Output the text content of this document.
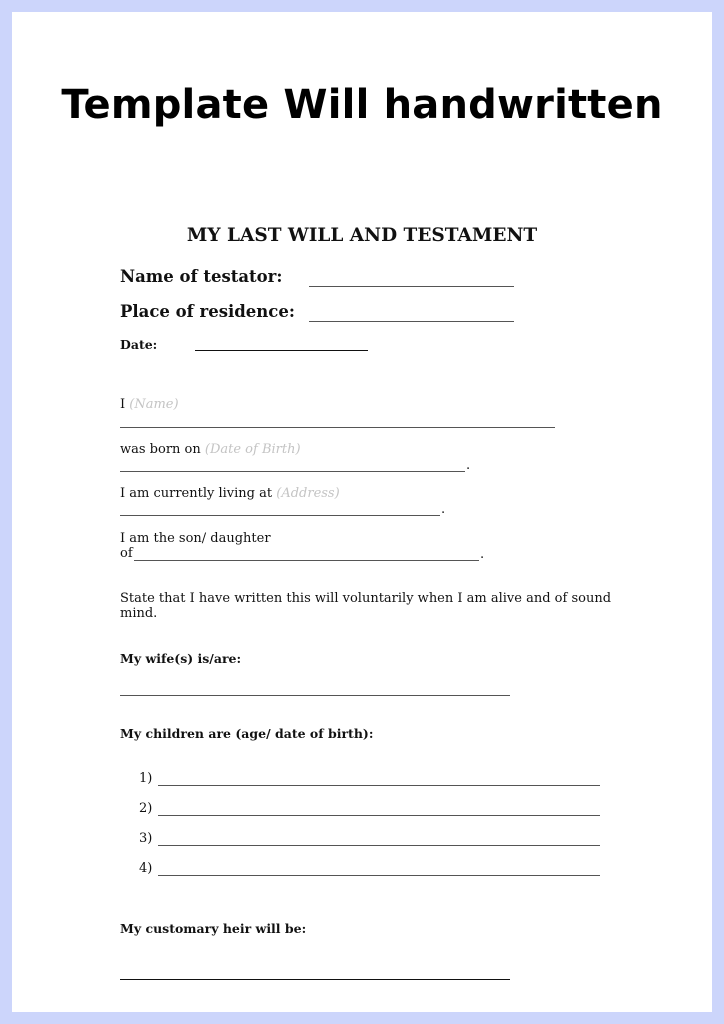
Template Will handwritten
MY LAST WILL AND TESTAMENT
Name of testator:
Place of residence:
Date:
I (Name)
was born on (Date of Birth)
.
I am currently living at (Address)
.
I am the son/ daughter
of	.
State that I have written this will voluntarily when I am alive and of sound
mind.
My wife(s) is/are:
My children are (age/ date of birth):
1)
2)
3)
4)
My customary heir will be:
